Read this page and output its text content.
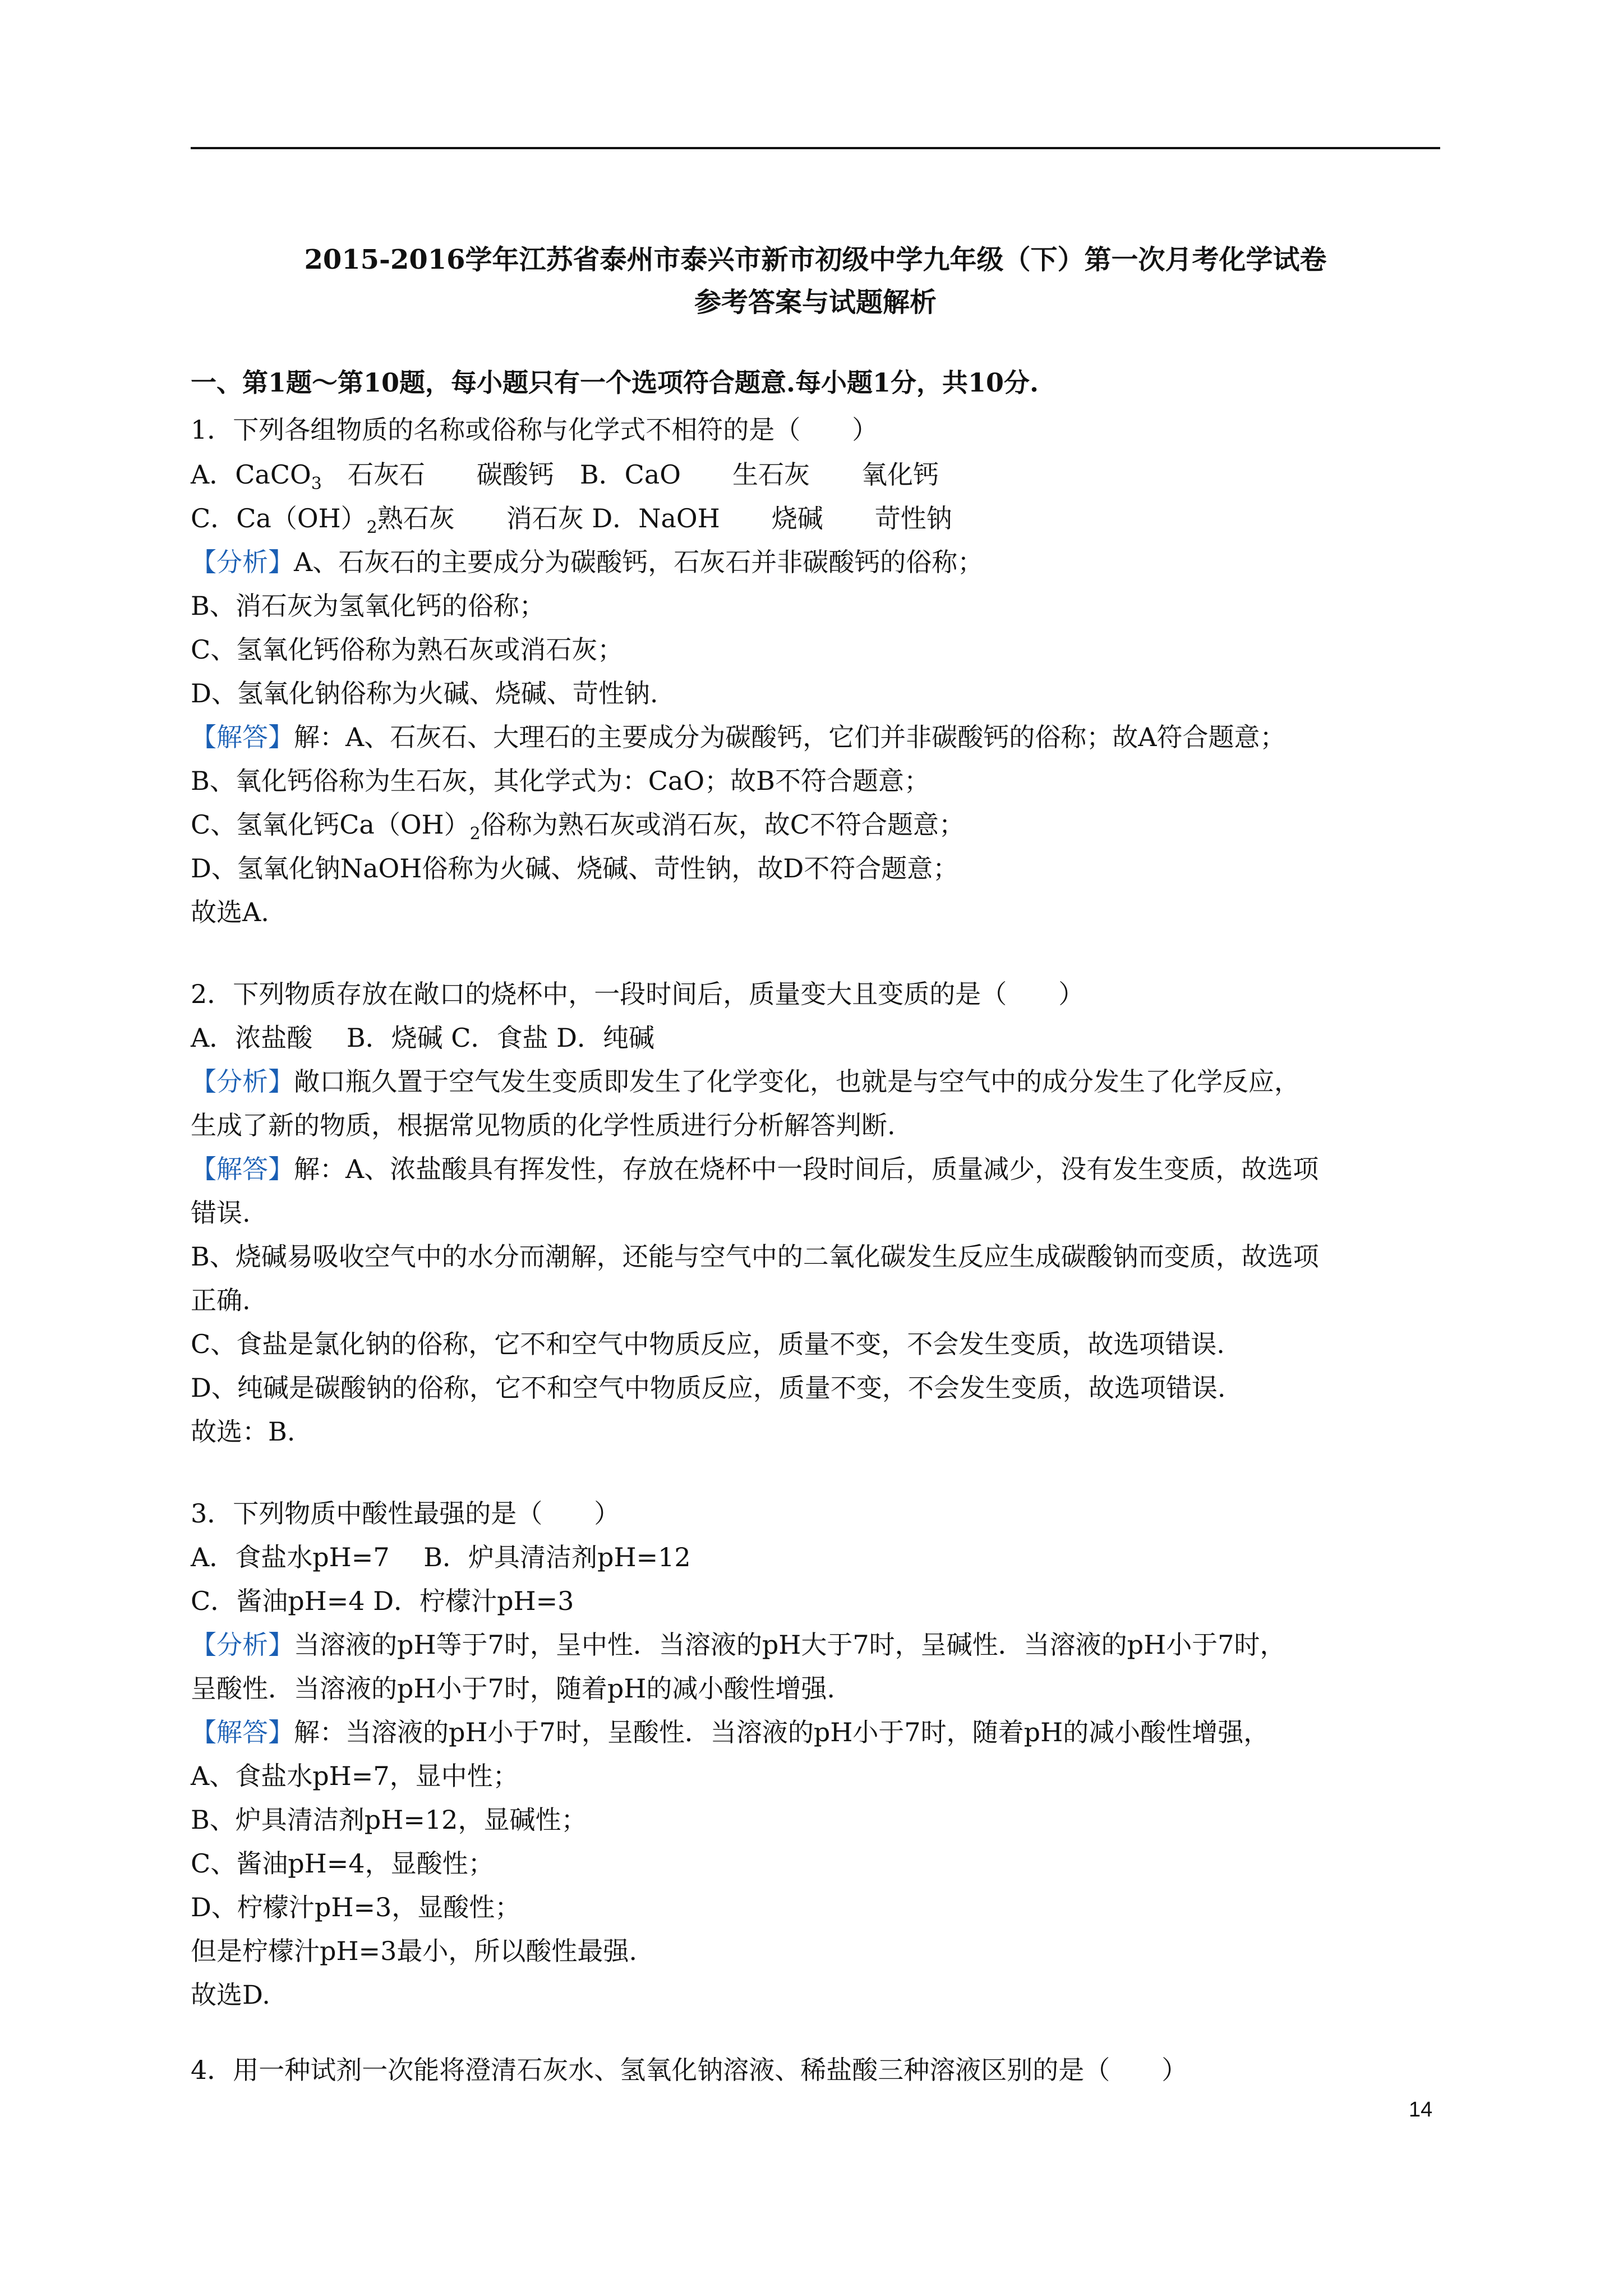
2015-2016学年江苏省泰州市泰兴市新市初级中学九年级（下）第一次月考化学试卷
参考答案与试题解析
一、第1题～第10题，每小题只有一个选项符合题意.每小题1分，共10分.
1．下列各组物质的名称或俗称与化学式不相符的是（　　）
A．CaCO$_3$　石灰石　　碳酸钙　B．CaO　　生石灰　　氧化钙
C．$Ca(OH)_2$熟石灰　　消石灰 D．NaOH　　烧碱　　苛性钠
【分析】A、石灰石的主要成分为碳酸钙，石灰石并非碳酸钙的俗称；
B、消石灰为氢氧化钙的俗称；
C、氢氧化钙俗称为熟石灰或消石灰；
D、氢氧化钠俗称为火碱、烧碱、苛性钠.
【解答】解：A、石灰石、大理石的主要成分为碳酸钙，它们并非碳酸钙的俗称；故A符合题意；
B、氧化钙俗称为生石灰，其化学式为：CaO；故B不符合题意；
C、氢氧化钙$Ca(OH)_2$俗称为熟石灰或消石灰，故C不符合题意；
D、氢氧化钠NaOH俗称为火碱、烧碱、苛性钠，故D不符合题意；
故选A.
2．下列物质存放在敞口的烧杯中，一段时间后，质量变大且变质的是（　　）
A．浓盐酸　 B．烧碱 C．食盐 D．纯碱
【分析】敞口瓶久置于空气发生变质即发生了化学变化，也就是与空气中的成分发生了化学反应，
生成了新的物质，根据常见物质的化学性质进行分析解答判断.
【解答】解：A、浓盐酸具有挥发性，存放在烧杯中一段时间后，质量减少，没有发生变质，故选项
错误.
B、烧碱易吸收空气中的水分而潮解，还能与空气中的二氧化碳发生反应生成碳酸钠而变质，故选项
正确.
C、食盐是氯化钠的俗称，它不和空气中物质反应，质量不变，不会发生变质，故选项错误.
D、纯碱是碳酸钠的俗称，它不和空气中物质反应，质量不变，不会发生变质，故选项错误.
故选：B.
3．下列物质中酸性最强的是（　　）
A．食盐水pH=7　 B．炉具清洁剂pH=12
C．酱油pH=4 D．柠檬汁pH=3
【分析】当溶液的pH等于7时，呈中性．当溶液的pH大于7时，呈碱性．当溶液的pH小于7时，
呈酸性．当溶液的pH小于7时，随着pH的减小酸性增强.
【解答】解：当溶液的pH小于7时，呈酸性．当溶液的pH小于7时，随着pH的减小酸性增强，
A、食盐水pH=7，显中性；
B、炉具清洁剂pH=12，显碱性；
C、酱油pH=4，显酸性；
D、柠檬汁pH=3，显酸性；
但是柠檬汁pH=3最小，所以酸性最强.
故选D.
4．用一种试剂一次能将澄清石灰水、氢氧化钠溶液、稀盐酸三种溶液区别的是（　　）
14
